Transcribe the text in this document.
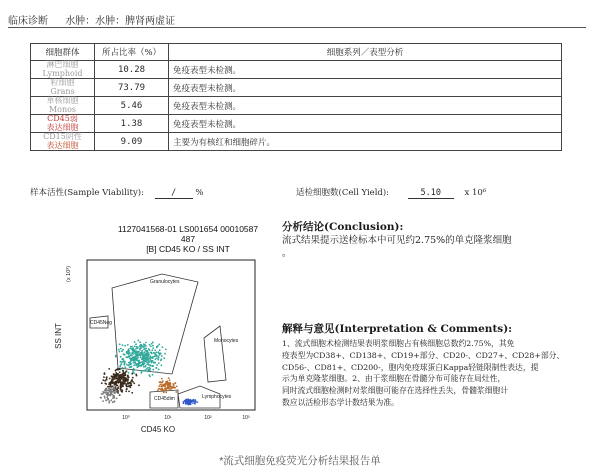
临床诊断 水肿：水肿：脾肾两虚证
细胞群体	所占比率（%）	细胞系列／表型分析

淋巴细胞
Lymphoid	10.28	免疫表型未检测。

粒细胞
Grans	73.79	免疫表型未检测。

单核细胞
Monos	5.46	免疫表型未检测。

CD45弱
表达细胞	1.38	免疫表型未检测。

CD15阴性
表达细胞	9.09	主要为有核红和细胞碎片。
样本活性(Sample Viability):	/ %	适检细胞数(Cell Yield):	5.10	x 10⁶
1127041568-01 LS001654 00010587
487
[B] CD45 KO / SS INT
SS INT
(x 10³)
CD45 KO
10⁰	10¹	10²	10³
Granulocytes
CD45Neg
Monocytes
Lymphocytes
CD45dim
分析结论(Conclusion):
流式结果提示送检标本中可见约2.75%的单克隆浆细胞
。
解释与意见(Interpretation & Comments):
1、流式细胞术检测结果表明浆细胞占有核细胞总数约2.75%，其免
疫表型为CD38+、CD138+、CD19+部分、CD20-、CD27+、CD28+部分、
CD56-、CD81+、CD200-，胞内免疫球蛋白Kappa轻链限制性表达，提
示为单克隆浆细胞。2、由于浆细胞在骨髓分布可能存在局灶性，
同时流式细胞检测时对浆细胞可能存在选择性丢失，骨髓浆细胞计
数应以活检形态学计数结果为准。
*流式细胞免疫荧光分析结果报告单
